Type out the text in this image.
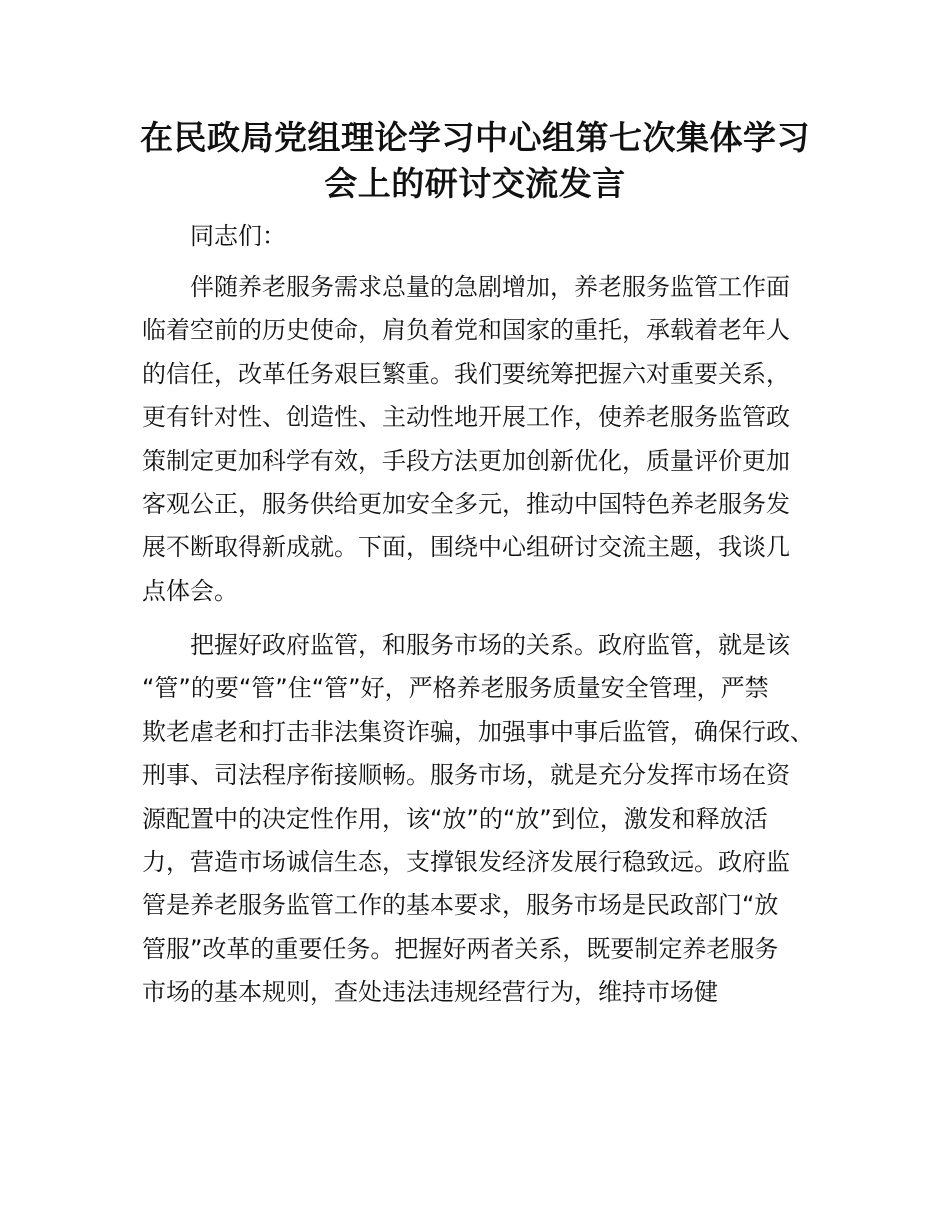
在民政局党组理论学习中心组第七次集体学习
会上的研讨交流发言

同志们：

伴随养老服务需求总量的急剧增加，养老服务监管工作面

临着空前的历史使命，肩负着党和国家的重托，承载着老年人

的信任，改革任务艰巨繁重。我们要统筹把握六对重要关系，

更有针对性、创造性、主动性地开展工作，使养老服务监管政

策制定更加科学有效，手段方法更加创新优化，质量评价更加

客观公正，服务供给更加安全多元，推动中国特色养老服务发

展不断取得新成就。下面，围绕中心组研讨交流主题，我谈几

点体会。

把握好政府监管，和服务市场的关系。政府监管，就是该

“管”的要“管”住“管”好，严格养老服务质量安全管理，严禁

欺老虐老和打击非法集资诈骗，加强事中事后监管，确保行政、

刑事、司法程序衔接顺畅。服务市场，就是充分发挥市场在资

源配置中的决定性作用，该“放”的“放”到位，激发和释放活

力，营造市场诚信生态，支撑银发经济发展行稳致远。政府监

管是养老服务监管工作的基本要求，服务市场是民政部门“放

管服”改革的重要任务。把握好两者关系，既要制定养老服务

市场的基本规则，查处违法违规经营行为，维持市场健
